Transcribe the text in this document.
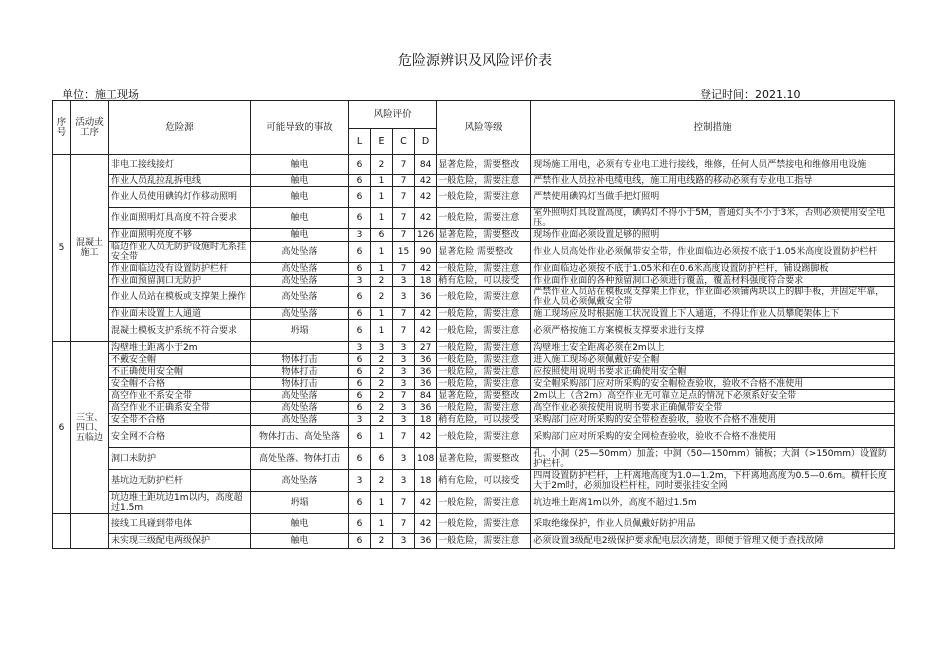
危险源辨识及风险评价表
单位：施工现场	登记时间：2021.10
序号	活动或工序	危险源	可能导致的事故	风险评价				风险等级	控制措施
				L	E	C	D		
5	混凝土施工	非电工接线接灯	触电	6	2	7	84	显著危险，需要整改	现场施工用电，必须有专业电工进行接线，维修，任何人员严禁接电和维修用电设施
		作业人员乱拉乱拆电线	触电	6	1	7	42	一般危险，需要注意	严禁作业人员拉补电缆电线，施工用电线路的移动必须有专业电工指导
		作业人员使用碘钨灯作移动照明	触电	6	1	7	42	一般危险，需要注意	严禁使用碘钨灯当做手把灯照明
		作业面照明灯具高度不符合要求	触电	6	1	7	42	一般危险，需要注意	室外照明灯具设置高度，碘钨灯不得小于5M，普通灯头不小于3米，否则必须使用安全电压。
		作业面照明亮度不够	触电	3	6	7	126	显著危险，需要整改	现场作业面必须设置足够的照明
		临边作业人员无防护设施时无系挂安全带	高处坠落	6	1	15	90	显著危险 需要整改	作业人员高处作业必须佩带安全带，作业面临边必须按不底于1.05米高度设置防护栏杆
		作业面临边没有设置防护栏杆	高处坠落	6	1	7	42	一般危险，需要注意	作业面临边必须按不底于1.05米和在0.6米高度设置防护栏杆，铺设踢脚板
		作业面预留洞口无防护	高处坠落	3	2	3	18	稍有危险，可以接受	作业面作业面的各种预留洞口必须进行覆盖，覆盖材料强度符合要求
		作业人员站在模板或支撑架上操作	高处坠落	6	2	3	36	一般危险，需要注意	严禁作业人员站在模板或支撑架上作业，作业面必须铺两块以上的脚手板，并固定牢靠，作业人员必须佩戴安全带
		作业面未设置上人通道	高处坠落	6	1	7	42	一般危险，需要注意	施工现场应及时根据施工状况设置上下人通道，不得让作业人员攀爬架体上下
		混凝土模板支护系统不符合要求	坍塌	6	1	7	42	一般危险，需要注意	必须严格按施工方案模板支撑要求进行支撑
6	三宝、四口、五临边	沟壁堆土距离小于2m		3	3	3	27	一般危险，需要注意	沟壁堆土安全距离必须在2m以上
		不戴安全帽	物体打击	6	2	3	36	一般危险，需要注意	进入施工现场必须佩戴好安全帽
		不正确使用安全帽	物体打击	6	2	3	36	一般危险，需要注意	应按照使用说明书要求正确使用安全帽
		安全帽不合格	物体打击	6	2	3	36	一般危险，需要注意	安全帽采购部门应对所采购的安全帽检查验收，验收不合格不准使用
		高空作业不系安全带	高处坠落	6	2	7	84	显著危险，需要整改	2m以上（含2m）高空作业无可靠立足点的情况下必须系好安全带
		高空作业不正确系安全带	高处坠落	6	2	3	36	一般危险，需要注意	高空作业必须按使用说明书要求正确佩带安全带
		安全带不合格	高处坠落	3	2	3	18	稍有危险，可以接受	采购部门应对所采购的安全带检查验收，验收不合格不准使用
		安全网不合格	物体打击、高处坠落	6	1	7	42	一般危险，需要注意	采购部门应对所采购的安全网检查验收，验收不合格不准使用
		洞口未防护	高处坠落、物体打击	6	6	3	108	显著危险，需要整改	孔、小洞（25—50mm）加盖；中洞（50—150mm）铺板；大洞（>150mm）设置防护栏杆。
		基坑边无防护栏杆	高处坠落	3	2	3	18	稍有危险，可以接受	四周设置防护栏杆，上杆离地高度为1.0—1.2m，下杆离地高度为0.5—0.6m。横杆长度大于2m时，必须加设栏杆柱，同时要张挂安全网
		坑边堆土距坑边1m以内，高度超过1.5m	坍塌	6	1	7	42	一般危险，需要注意	坑边堆土距离1m以外，高度不超过1.5m
		接线工具碰到带电体	触电	6	1	7	42	一般危险，需要注意	采取绝缘保护，作业人员佩戴好防护用品
		未实现三级配电两级保护	触电	6	2	3	36	一般危险，需要注意	必须设置3级配电2级保护要求配电层次清楚，即便于管理又便于查找故障
